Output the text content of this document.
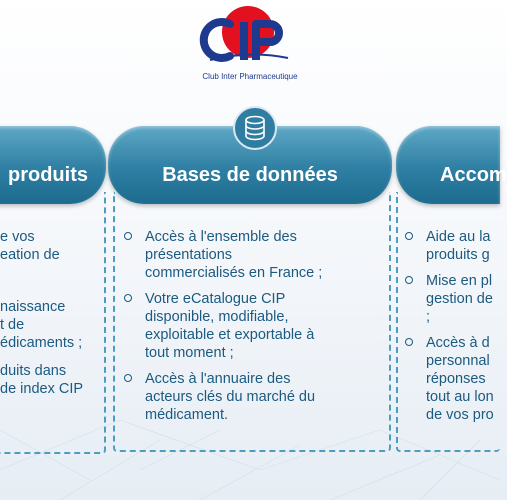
Club Inter Pharmaceutique
produits
e vos
eation de
naissance
t de
édicaments ;
duits dans
de index CIP
Bases de données
Accès à l'ensemble des
présentations
commercialisés en France ;
Votre eCatalogue CIP
disponible, modifiable,
exploitable et exportable à
tout moment ;
Accès à l'annuaire des
acteurs clés du marché du
médicament.
Accom
Aide au la
produits g
Mise en pl
gestion de
;
Accès à d
personnal
réponses
tout au lon
de vos pro
